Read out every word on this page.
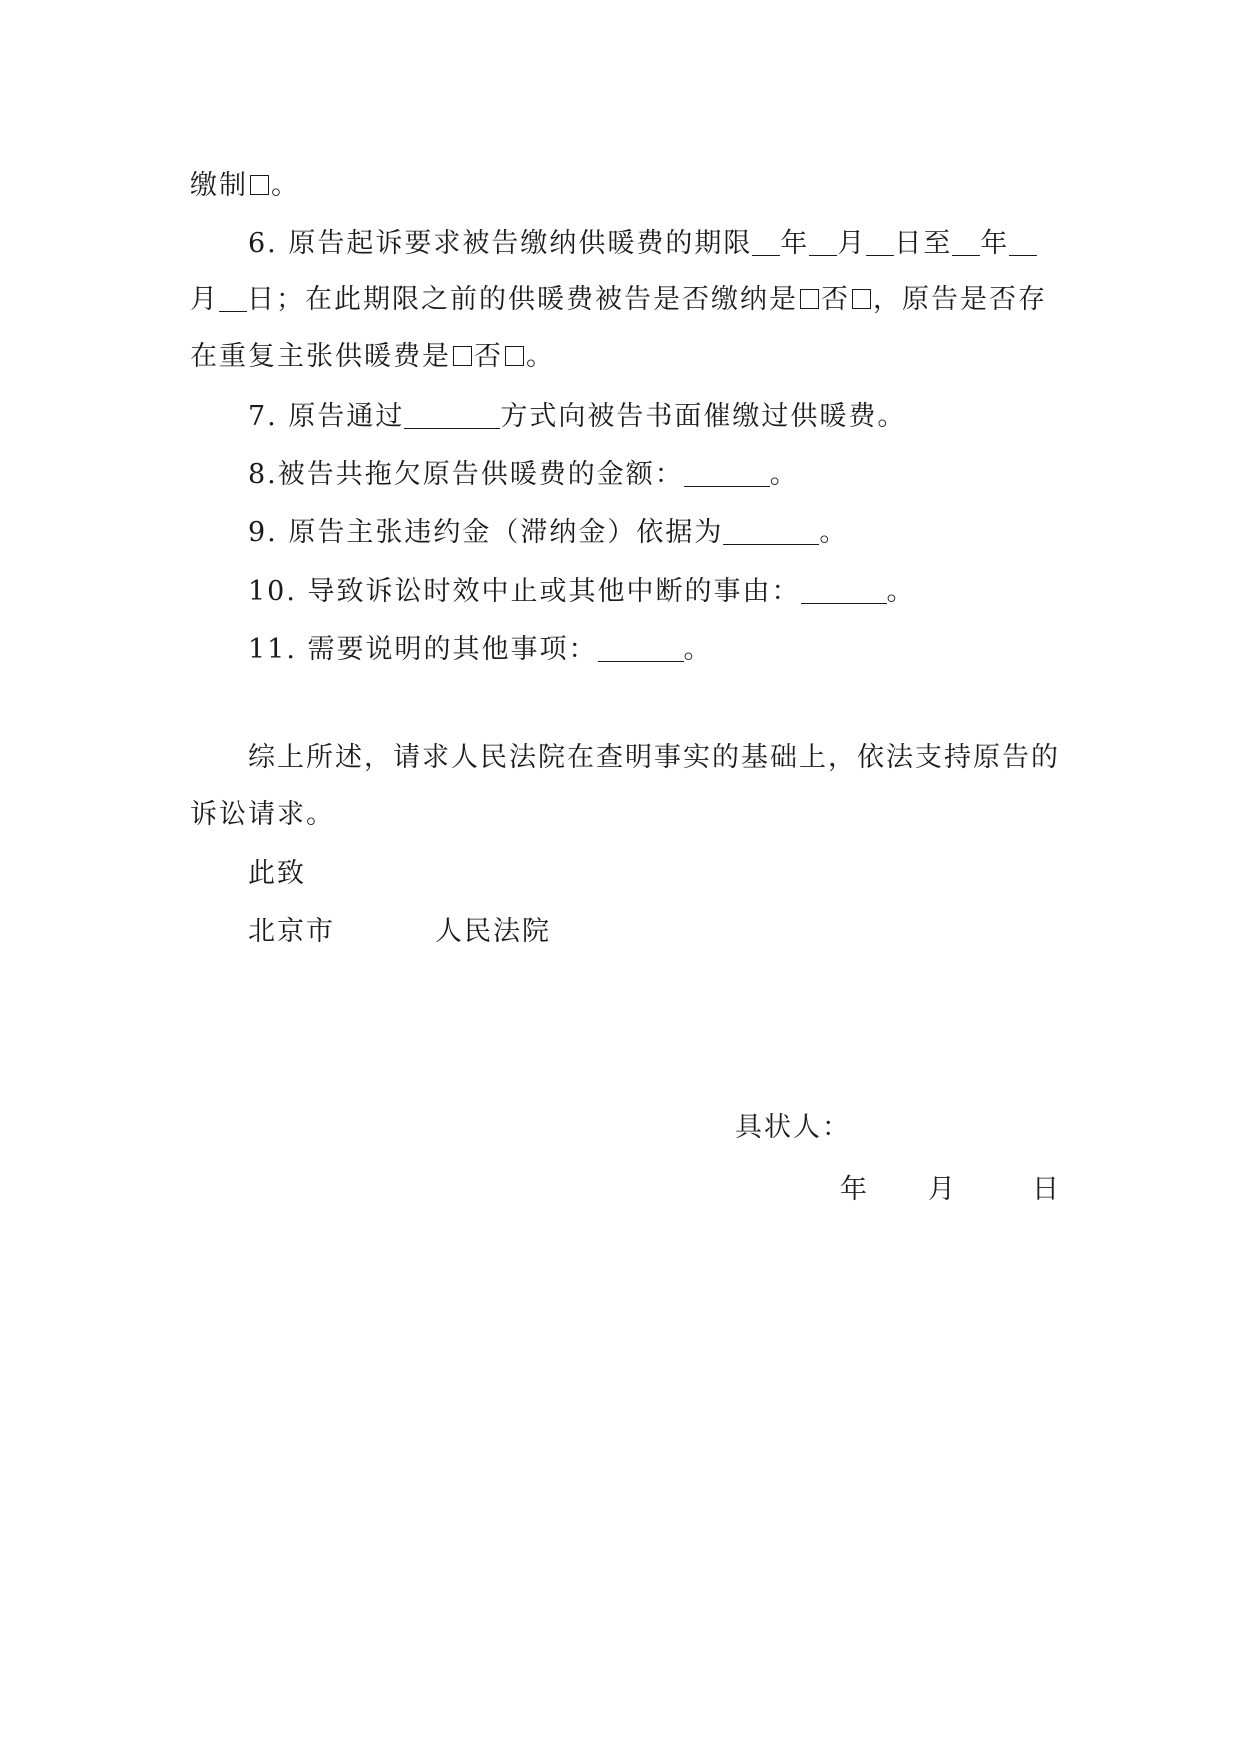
缴制 。
6. 原告起诉要求被告缴纳供暖费的期限 年 月 日至 年
月 日；在此期限之前的供暖费被告是否缴纳是 否 ，原告是否存
在重复主张供暖费是 否 。
7. 原告通过	方式向被告书面催缴过供暖费。
8.被告共拖欠原告供暖费的金额：	。
9. 原告主张违约金（滞纳金）依据为	。
10. 导致诉讼时效中止或其他中断的事由：	。
11. 需要说明的其他事项：	。
综上所述，请求人民法院在查明事实的基础上，依法支持原告的
诉讼请求。
此致
北京市	人民法院
具状人：
年 月	日
